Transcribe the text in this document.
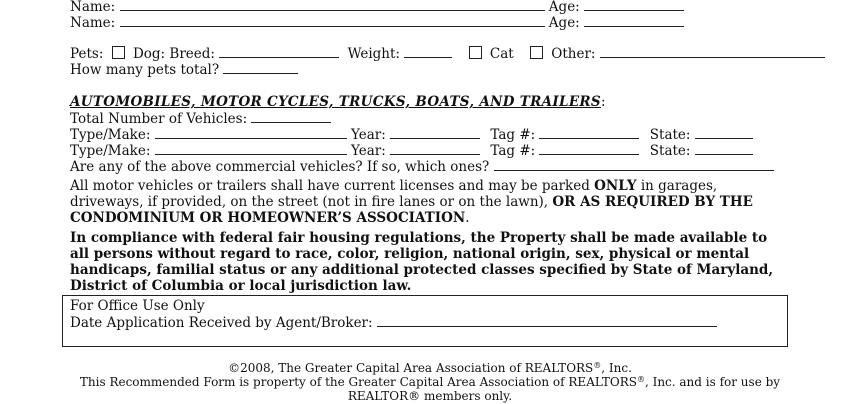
Name:	Age:
Name:	Age:
Pets: Dog: Breed:	Weight:	Cat	Other:
How many pets total?
AUTOMOBILES, MOTOR CYCLES, TRUCKS, BOATS, AND TRAILERS:
Total Number of Vehicles:
Type/Make:	Year:	Tag #:	State:
Type/Make:	Year:	Tag #:	State:
Are any of the above commercial vehicles? If so, which ones?
All motor vehicles or trailers shall have current licenses and may be parked ONLY in garages, driveways, if provided, on the street (not in fire lanes or on the lawn), OR AS REQUIRED BY THE CONDOMINIUM OR HOMEOWNER’S ASSOCIATION.
In compliance with federal fair housing regulations, the Property shall be made available to all persons without regard to race, color, religion, national origin, sex, physical or mental handicaps, familial status or any additional protected classes specified by State of Maryland, District of Columbia or local jurisdiction law.
For Office Use Only
Date Application Received by Agent/Broker:
©2008, The Greater Capital Area Association of REALTORS®, Inc.
This Recommended Form is property of the Greater Capital Area Association of REALTORS®, Inc. and is for use by
REALTOR® members only.
